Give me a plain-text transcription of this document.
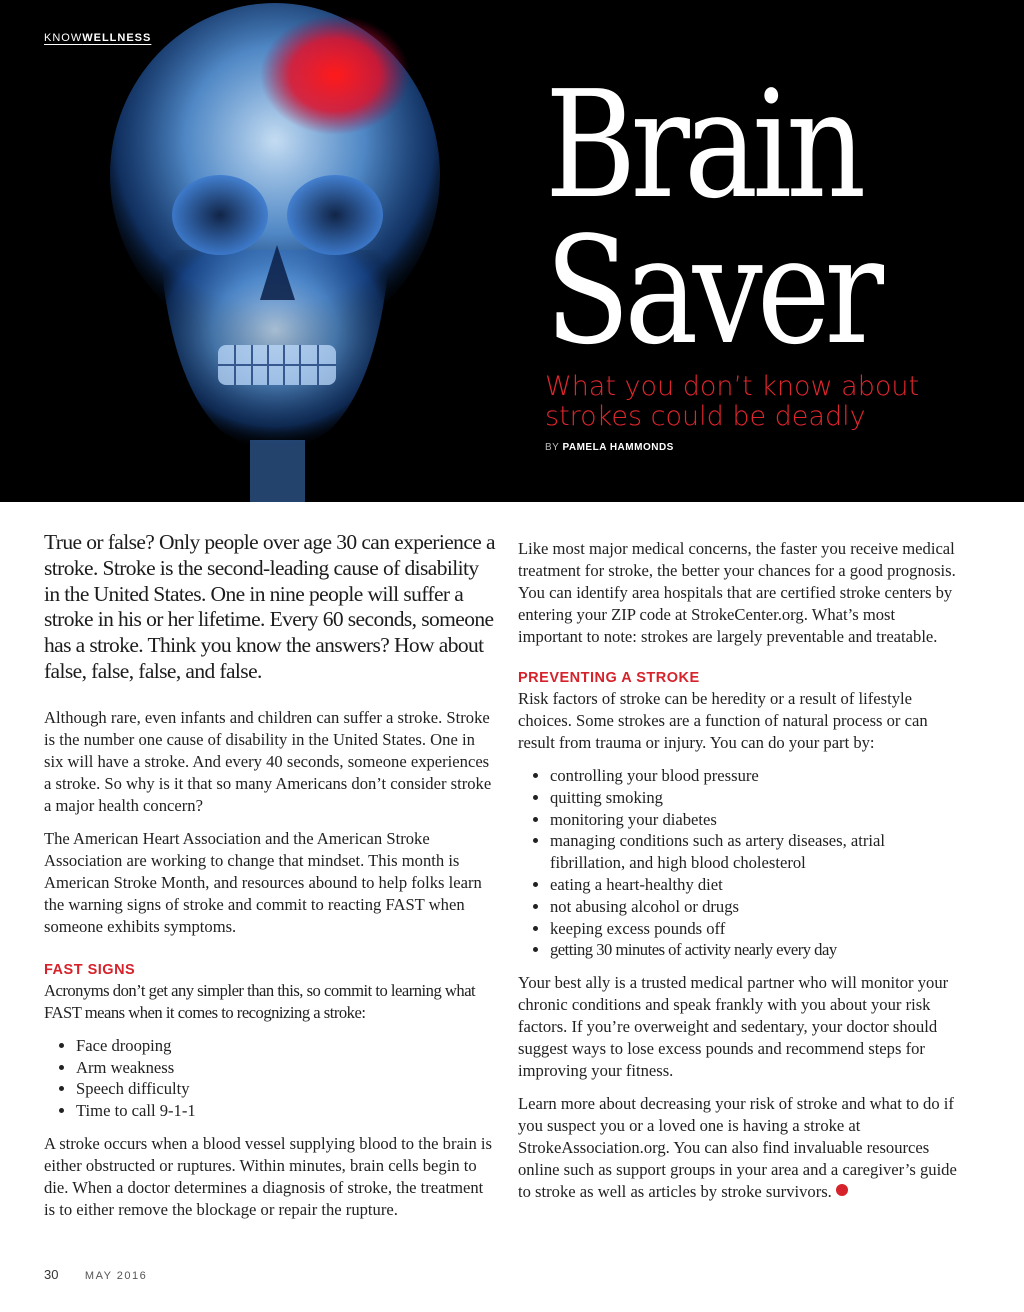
KNOWWELLNESS
Brain
Saver

What you don’t know about strokes could be deadly

BY PAMELA HAMMONDS

True or false? Only people over age 30 can experience a stroke. Stroke is the second-leading cause of disability in the United States. One in nine people will suffer a stroke in his or her lifetime. Every 60 seconds, someone has a stroke. Think you know the answers? How about false, false, false, and false.

Although rare, even infants and children can suffer a stroke. Stroke is the number one cause of disability in the United States. One in six will have a stroke. And every 40 seconds, someone experiences a stroke. So why is it that so many Americans don’t consider stroke a major health concern?

The American Heart Association and the American Stroke Association are working to change that mindset. This month is American Stroke Month, and resources abound to help folks learn the warning signs of stroke and commit to reacting FAST when someone exhibits symptoms.

FAST SIGNS

Acronyms don’t get any simpler than this, so commit to learning what FAST means when it comes to recognizing a stroke:

• Face drooping
• Arm weakness
• Speech difficulty
• Time to call 9-1-1

A stroke occurs when a blood vessel supplying blood to the brain is either obstructed or ruptures. Within minutes, brain cells begin to die. When a doctor determines a diagnosis of stroke, the treatment is to either remove the blockage or repair the rupture.

Like most major medical concerns, the faster you receive medical treatment for stroke, the better your chances for a good prognosis. You can identify area hospitals that are certified stroke centers by entering your ZIP code at StrokeCenter.org. What’s most important to note: strokes are largely preventable and treatable.

PREVENTING A STROKE

Risk factors of stroke can be heredity or a result of lifestyle choices. Some strokes are a function of natural process or can result from trauma or injury. You can do your part by:

• controlling your blood pressure
• quitting smoking
• monitoring your diabetes
• managing conditions such as artery diseases, atrial fibrillation, and high blood cholesterol
• eating a heart-healthy diet
• not abusing alcohol or drugs
• keeping excess pounds off
• getting 30 minutes of activity nearly every day

Your best ally is a trusted medical partner who will monitor your chronic conditions and speak frankly with you about your risk factors. If you’re overweight and sedentary, your doctor should suggest ways to lose excess pounds and recommend steps for improving your fitness.

Learn more about decreasing your risk of stroke and what to do if you suspect you or a loved one is having a stroke at StrokeAssociation.org. You can also find invaluable resources online such as support groups in your area and a caregiver’s guide to stroke as well as articles by stroke survivors.

30 MAY 2016
